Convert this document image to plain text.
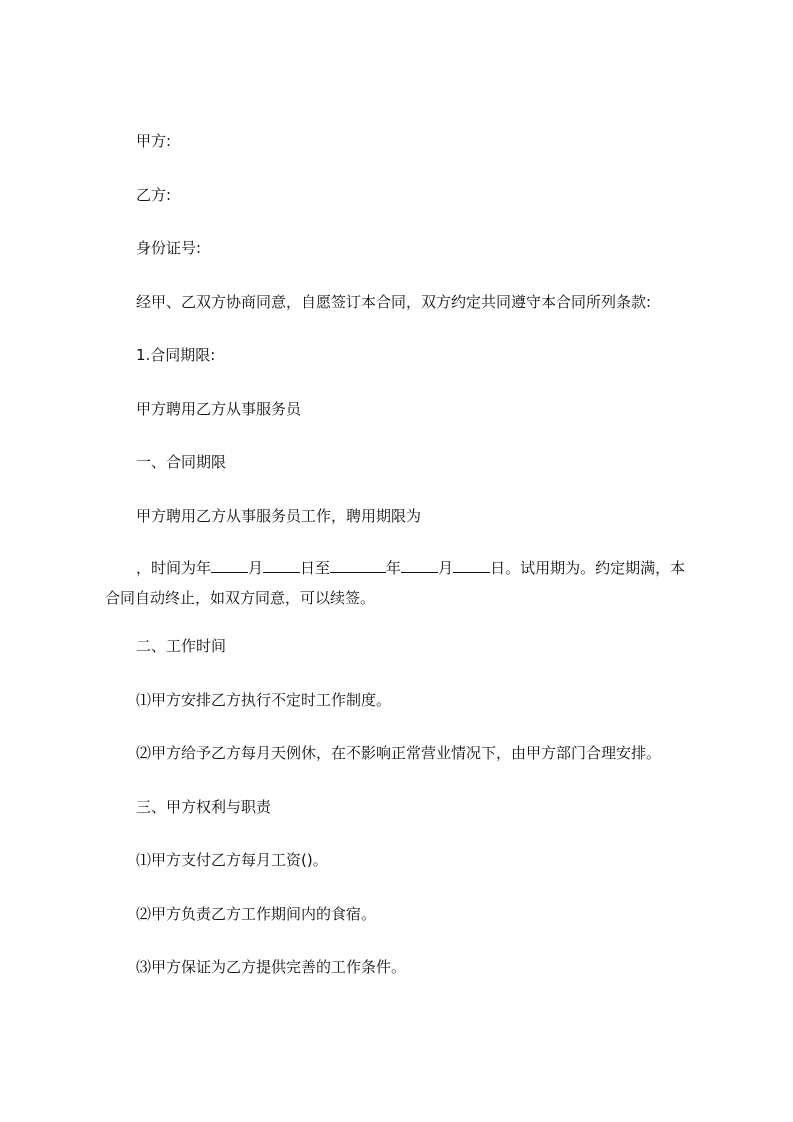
甲方:
乙方:
身份证号:
经甲、乙双方协商同意，自愿签订本合同，双方约定共同遵守本合同所列条款:
1.合同期限:
甲方聘用乙方从事服务员
一、合同期限
甲方聘用乙方从事服务员工作，聘用期限为
，时间为年 月 日至	年 月 日。试用期为。约定期满，本
合同自动终止，如双方同意，可以续签。
二、工作时间
⑴甲方安排乙方执行不定时工作制度。
⑵甲方给予乙方每月天例休，在不影响正常营业情况下，由甲方部门合理安排。
三、甲方权利与职责
⑴甲方支付乙方每月工资()。
⑵甲方负责乙方工作期间内的食宿。
⑶甲方保证为乙方提供完善的工作条件。
